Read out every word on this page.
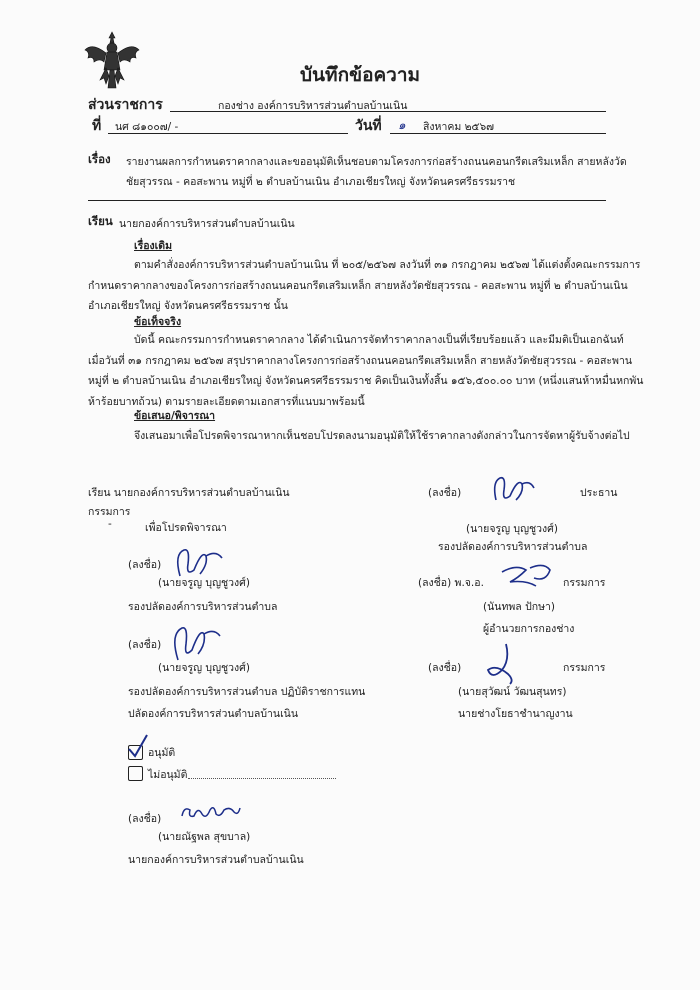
บันทึกข้อความ
ส่วนราชการ	กองช่าง องค์การบริหารส่วนตำบลบ้านเนิน
ที่ นศ ๘๑๐๐๗/ -	วันที่ ๑ สิงหาคม ๒๕๖๗
เรื่อง รายงานผลการกำหนดราคากลางและขออนุมัติเห็นชอบตามโครงการก่อสร้างถนนคอนกรีตเสริมเหล็ก สายหลังวัด
ชัยสุวรรณ - คอสะพาน หมู่ที่ ๒ ตำบลบ้านเนิน อำเภอเชียรใหญ่ จังหวัดนครศรีธรรมราช
เรียน นายกองค์การบริหารส่วนตำบลบ้านเนิน
เรื่องเดิม
ตามคำสั่งองค์การบริหารส่วนตำบลบ้านเนิน ที่ ๒๐๕/๒๕๖๗ ลงวันที่ ๓๑ กรกฎาคม ๒๕๖๗ ได้แต่งตั้งคณะกรรมการ
กำหนดราคากลางของโครงการก่อสร้างถนนคอนกรีตเสริมเหล็ก สายหลังวัดชัยสุวรรณ - คอสะพาน หมู่ที่ ๒ ตำบลบ้านเนิน
อำเภอเชียรใหญ่ จังหวัดนครศรีธรรมราช นั้น
ข้อเท็จจริง
บัดนี้ คณะกรรมการกำหนดราคากลาง ได้ดำเนินการจัดทำราคากลางเป็นที่เรียบร้อยแล้ว และมีมติเป็นเอกฉันท์
เมื่อวันที่ ๓๑ กรกฎาคม ๒๕๖๗ สรุปราคากลางโครงการก่อสร้างถนนคอนกรีตเสริมเหล็ก สายหลังวัดชัยสุวรรณ - คอสะพาน
หมู่ที่ ๒ ตำบลบ้านเนิน อำเภอเชียรใหญ่ จังหวัดนครศรีธรรมราช คิดเป็นเงินทั้งสิ้น ๑๕๖,๕๐๐.๐๐ บาท (หนึ่งแสนห้าหมื่นหกพัน
ห้าร้อยบาทถ้วน) ตามรายละเอียดตามเอกสารที่แนบมาพร้อมนี้
ข้อเสนอ/พิจารณา
จึงเสนอมาเพื่อโปรดพิจารณาหากเห็นชอบโปรดลงนามอนุมัติให้ใช้ราคากลางดังกล่าวในการจัดหาผู้รับจ้างต่อไป
เรียน นายกองค์การบริหารส่วนตำบลบ้านเนิน
กรรมการ
-	เพื่อโปรดพิจารณา
(ลงชื่อ)	ประธาน
(นายจรูญ บุญชูวงศ์)
รองปลัดองค์การบริหารส่วนตำบล
(ลงชื่อ)
(นายจรูญ บุญชูวงศ์)
รองปลัดองค์การบริหารส่วนตำบล
(ลงชื่อ) พ.จ.อ.	กรรมการ
(นันทพล ปักษา)
ผู้อำนวยการกองช่าง
(ลงชื่อ)
(นายจรูญ บุญชูวงศ์)
รองปลัดองค์การบริหารส่วนตำบล ปฏิบัติราชการแทน
ปลัดองค์การบริหารส่วนตำบลบ้านเนิน
(ลงชื่อ)	กรรมการ
(นายสุวัฒน์ วัฒนสุนทร)
นายช่างโยธาชำนาญงาน
อนุมัติ
ไม่อนุมัติ
(ลงชื่อ)
(นายณัฐพล สุขบาล)
นายกองค์การบริหารส่วนตำบลบ้านเนิน
